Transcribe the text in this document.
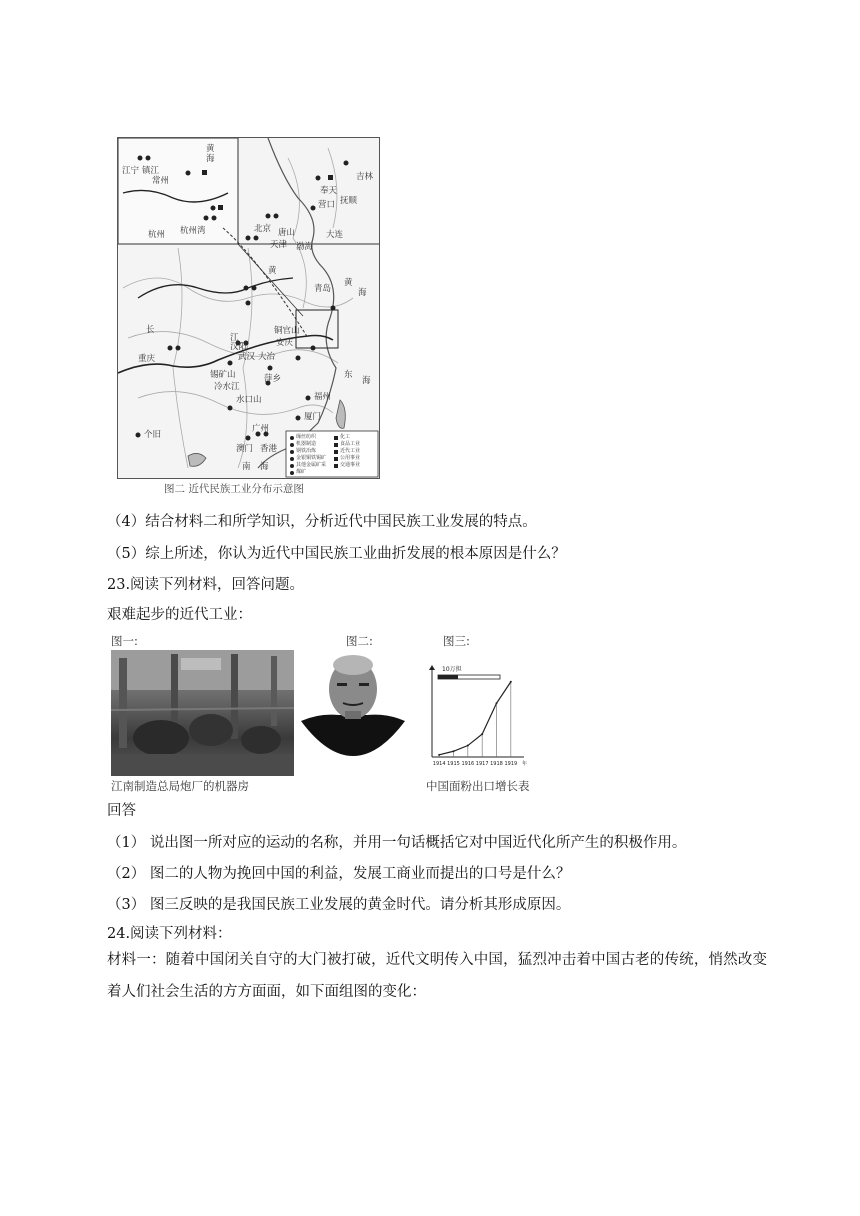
黄
海
江宁 镇江
常州
杭州 杭州湾
吉林
奉天
抚顺
营口
渤海
大连
天津
唐山
北京
青岛
黄
黄
海
长
江
汉阳
武汉
铜官山
安庆
大冶
重庆
锡矿山
冷水江
萍乡
水口山	福州
厦门
东
海
个旧
广州
澳门 香港
南 海
缫丝纺织
机器制造
钢铁冶炼
金银铜铁锡矿
其他金属矿采
煤矿
化工
食品工业
近代工业
公用事业
交通事业
图二 近代民族工业分布示意图
（4）结合材料二和所学知识，分析近代中国民族工业发展的特点。
（5）综上所述，你认为近代中国民族工业曲折发展的根本原因是什么？
23.阅读下列材料，回答问题。
艰难起步的近代工业：
图一:	图二:	图三:
江南制造总局炮厂的机器房
10万担
1914 1915 1916 1917 1918 1919 年
中国面粉出口增长表
回答
（1） 说出图一所对应的运动的名称，并用一句话概括它对中国近代化所产生的积极作用。
（2） 图二的人物为挽回中国的利益，发展工商业而提出的口号是什么？
（3） 图三反映的是我国民族工业发展的黄金时代。请分析其形成原因。
24.阅读下列材料：
材料一：随着中国闭关自守的大门被打破，近代文明传入中国，猛烈冲击着中国古老的传统，悄然改变着人们社会生活的方方面面，如下面组图的变化：
